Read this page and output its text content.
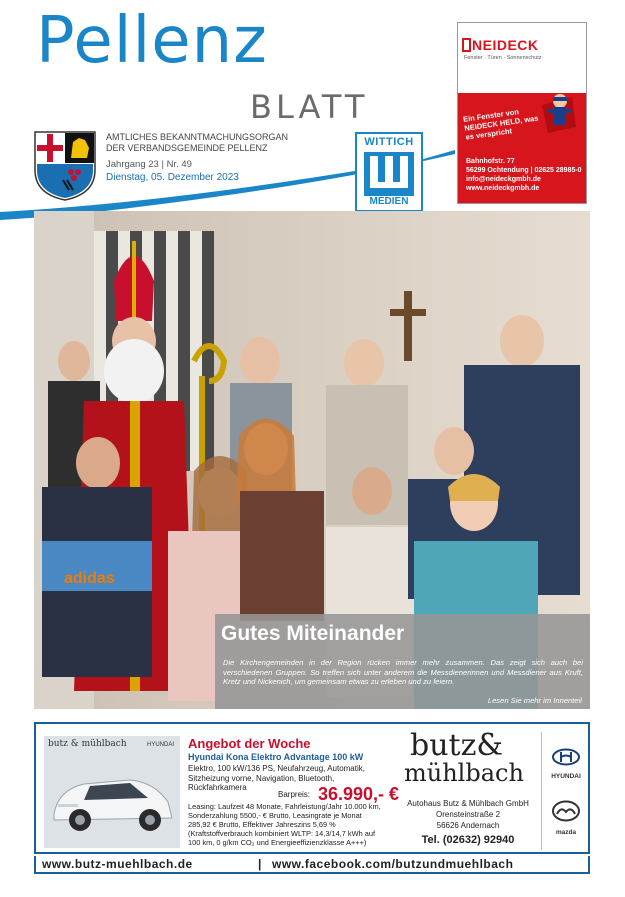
Pellenz
BLATT
AMTLICHES BEKANNTMACHUNGSORGAN
DER VERBANDSGEMEINDE PELLENZ
Jahrgang 23 | Nr. 49
Dienstag, 05. Dezember 2023
WITTICH
MEDIEN
NEIDECK
Fenster · Türen · Sonnenschutz
Ein Fenster von NEIDECK HELD, was es verspricht
Bahnhofstr. 77
56299 Ochtendung | 02625 28985-0
info@neideckgmbh.de
www.neideckgmbh.de
adidas
Gutes Miteinander
Die Kirchengemeinden in der Region rücken immer mehr zusammen. Das zeigt sich auch bei verschiedenen Gruppen. So treffen sich unter anderem die Messdienerinnen und Messdiener aus Kruft, Kretz und Nickenich, um gemeinsam etwas zu erleben und zu feiern.
Lesen Sie mehr im Innenteil
butz & mühlbach	HYUNDAI Angebot der Woche
Hyundai Kona Elektro Advantage 100 kW
Elektro, 100 kW/136 PS, Neufahrzeug, Automatik, Sitzheizung vorne, Navigation, Bluetooth, Rückfahrkamera
Barpreis: 36.990,- €
Leasing: Laufzeit 48 Monate, Fahrleistung/Jahr 10.000 km, Sonderzahlung 5500,- € Brutto, Leasingrate je Monat 285,92 € Brutto, Effektiver Jahreszins 5,69 % (Kraftstoffverbrauch kombiniert WLTP: 14,3/14,7 kWh auf 100 km, 0 g/km CO₂ und Energieeffizienzklasse A+++)
butz&
mühlbach
Autohaus Butz & Mühlbach GmbH
Orensteinstraße 2
56626 Andernach
Tel. (02632) 92940
HYUNDAI
mazda
www.butz-muehlbach.de	| www.facebook.com/butzundmuehlbach
